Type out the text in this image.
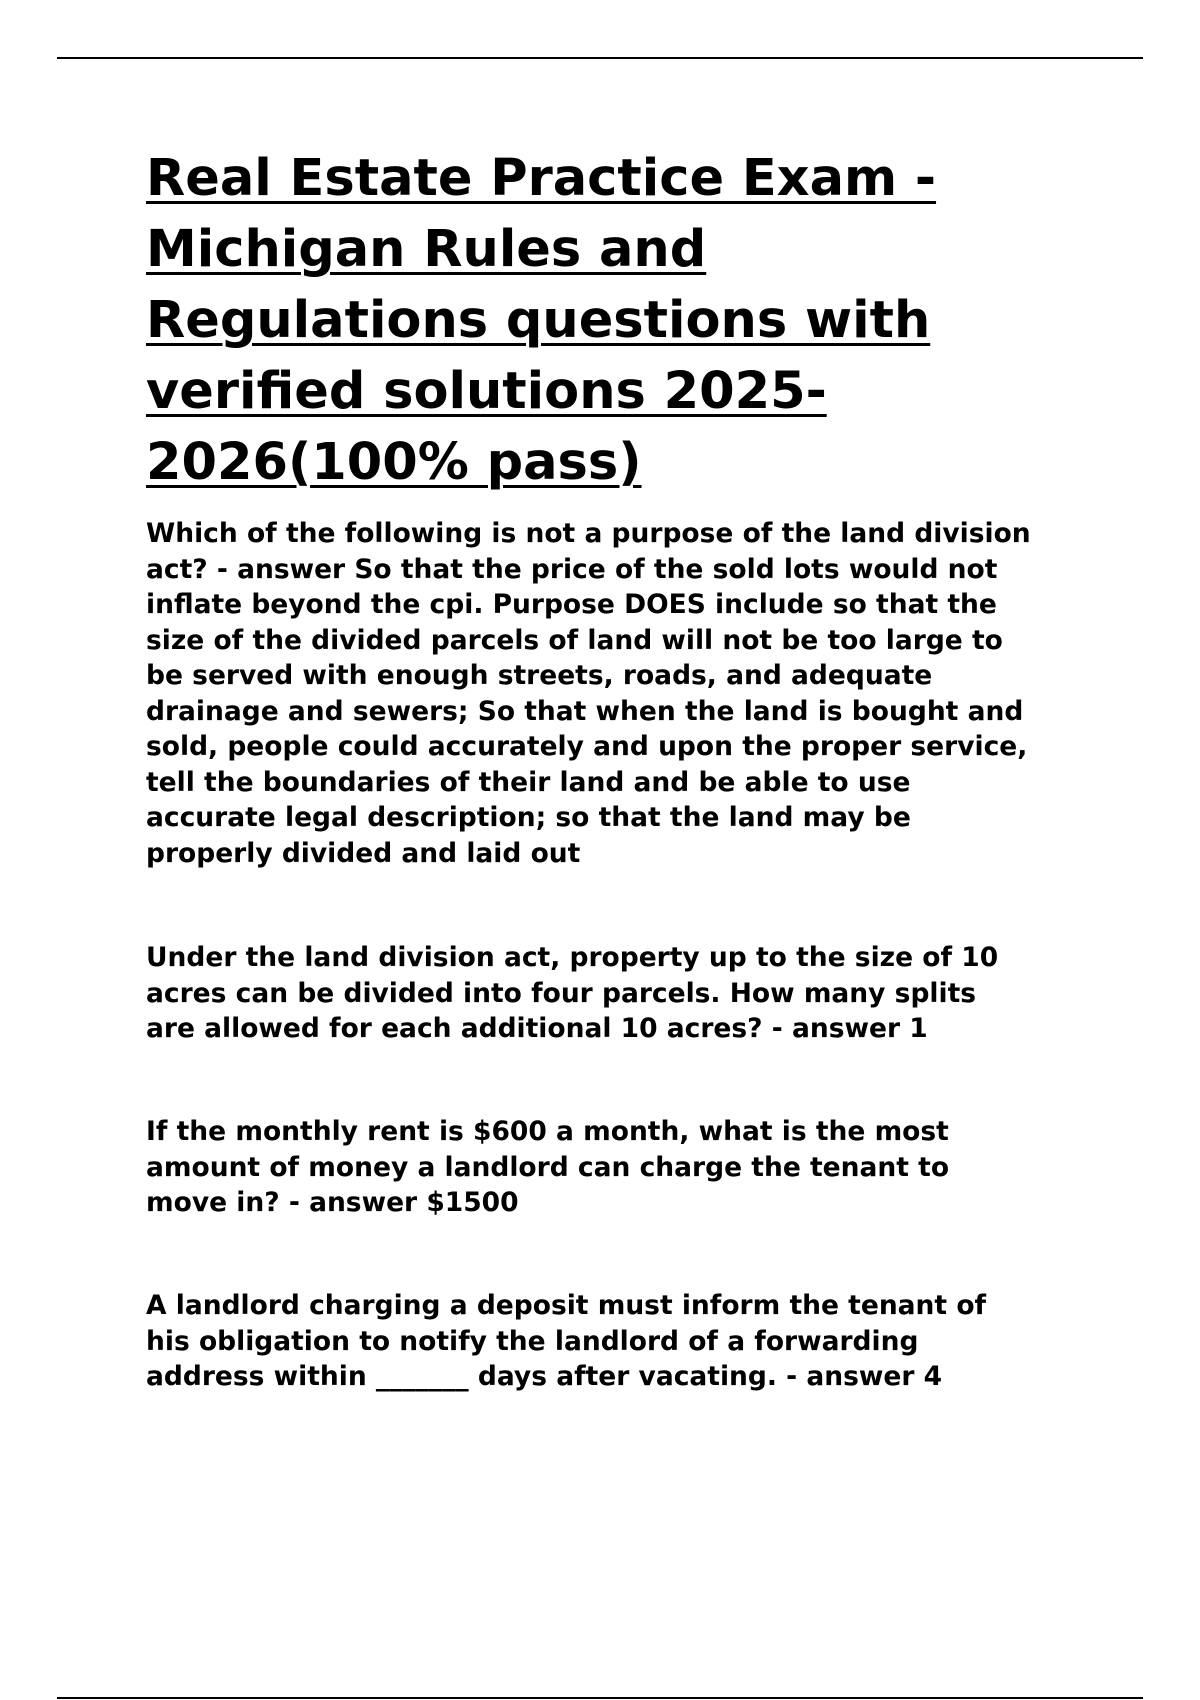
Real Estate Practice Exam -
Michigan Rules and
Regulations questions with
verified solutions 2025-
2026(100% pass)

Which of the following is not a purpose of the land division
act? - answer So that the price of the sold lots would not
inflate beyond the cpi. Purpose DOES include so that the
size of the divided parcels of land will not be too large to
be served with enough streets, roads, and adequate
drainage and sewers; So that when the land is bought and
sold, people could accurately and upon the proper service,
tell the boundaries of their land and be able to use
accurate legal description; so that the land may be
properly divided and laid out

Under the land division act, property up to the size of 10
acres can be divided into four parcels. How many splits
are allowed for each additional 10 acres? - answer 1

If the monthly rent is $600 a month, what is the most
amount of money a landlord can charge the tenant to
move in? - answer $1500

A landlord charging a deposit must inform the tenant of
his obligation to notify the landlord of a forwarding
address within _______ days after vacating. - answer 4
